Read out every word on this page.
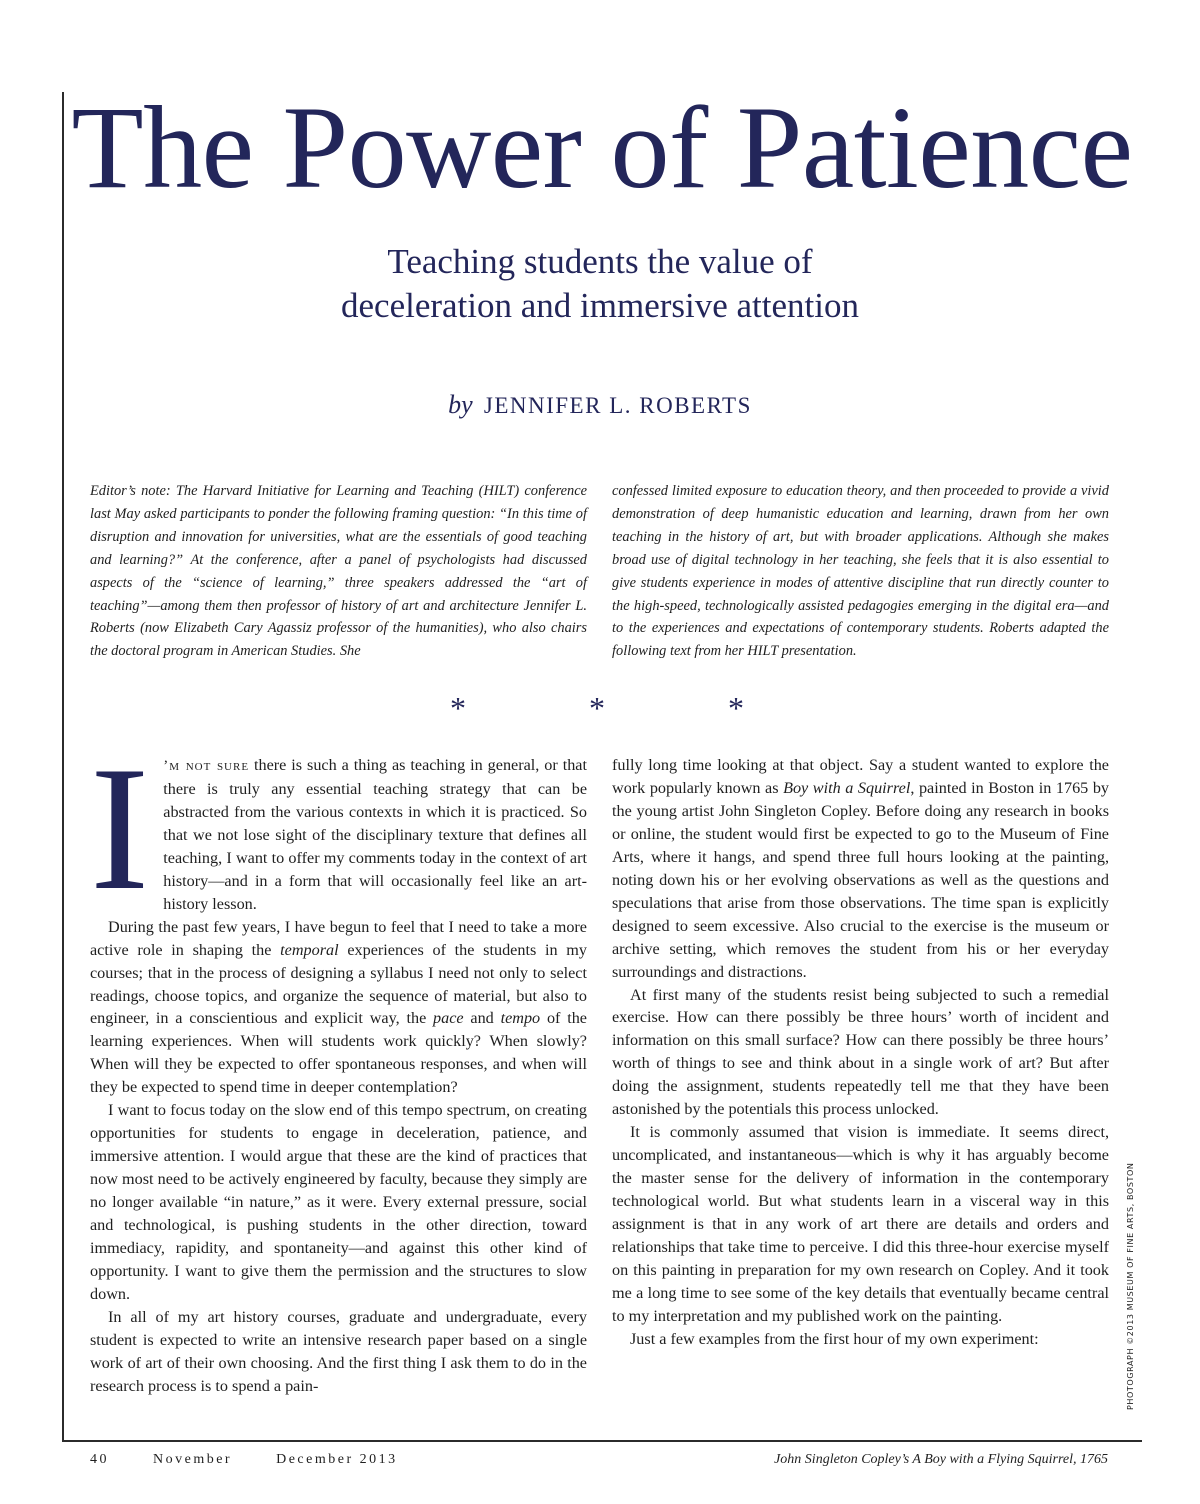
The Power of Patience
Teaching students the value of
deceleration and immersive attention
by JENNIFER L. ROBERTS

Editor’s note: The Harvard Initiative for Learning and Teaching (HILT) conference last May asked participants to ponder the following framing question: “In this time of disruption and innovation for universities, what are the essentials of good teaching and learning?” At the conference, after a panel of psychologists had discussed aspects of the “science of learning,” three speakers addressed the “art of teaching”—among them then professor of history of art and architecture Jennifer L. Roberts (now Elizabeth Cary Agassiz professor of the humanities), who also chairs the doctoral program in American Studies. She

confessed limited exposure to education theory, and then proceeded to provide a vivid demonstration of deep humanistic education and learning, drawn from her own teaching in the history of art, but with broader applications. Although she makes broad use of digital technology in her teaching, she feels that it is also essential to give students experience in modes of attentive discipline that run directly counter to the high-speed, technologically assisted pedagogies emerging in the digital era—and to the experiences and expectations of contemporary students. Roberts adapted the following text from her HILT presentation.

*	*	*

I ’m not sure there is such a thing as teaching in general, or that there is truly any essential teaching strategy that can be abstracted from the various contexts in which it is practiced. So that we not lose sight of the disciplinary texture that defines all teaching, I want to offer my comments today in the context of art history—and in a form that will occasionally feel like an art-history lesson.

During the past few years, I have begun to feel that I need to take a more active role in shaping the temporal experiences of the students in my courses; that in the process of designing a syllabus I need not only to select readings, choose topics, and organize the sequence of material, but also to engineer, in a conscientious and explicit way, the pace and tempo of the learning experiences. When will students work quickly? When slowly? When will they be expected to offer spontaneous responses, and when will they be expected to spend time in deeper contemplation?

I want to focus today on the slow end of this tempo spectrum, on creating opportunities for students to engage in deceleration, patience, and immersive attention. I would argue that these are the kind of practices that now most need to be actively engineered by faculty, because they simply are no longer available “in nature,” as it were. Every external pressure, social and technological, is pushing students in the other direction, toward immediacy, rapidity, and spontaneity—and against this other kind of opportunity. I want to give them the permission and the structures to slow down.

In all of my art history courses, graduate and undergraduate, every student is expected to write an intensive research paper based on a single work of art of their own choosing. And the first thing I ask them to do in the research process is to spend a pain-

fully long time looking at that object. Say a student wanted to explore the work popularly known as Boy with a Squirrel, painted in Boston in 1765 by the young artist John Singleton Copley. Before doing any research in books or online, the student would first be expected to go to the Museum of Fine Arts, where it hangs, and spend three full hours looking at the painting, noting down his or her evolving observations as well as the questions and speculations that arise from those observations. The time span is explicitly designed to seem excessive. Also crucial to the exercise is the museum or archive setting, which removes the student from his or her everyday surroundings and distractions.

At first many of the students resist being subjected to such a remedial exercise. How can there possibly be three hours’ worth of incident and information on this small surface? How can there possibly be three hours’ worth of things to see and think about in a single work of art? But after doing the assignment, students repeatedly tell me that they have been astonished by the potentials this process unlocked.

It is commonly assumed that vision is immediate. It seems direct, uncomplicated, and instantaneous—which is why it has arguably become the master sense for the delivery of information in the contemporary technological world. But what students learn in a visceral way in this assignment is that in any work of art there are details and orders and relationships that take time to perceive. I did this three-hour exercise myself on this painting in preparation for my own research on Copley. And it took me a long time to see some of the key details that eventually became central to my interpretation and my published work on the painting.

Just a few examples from the first hour of my own experiment:	PHOTOGRAPH ©2013 MUSEUM OF FINE ARTS, BOSTON
40	November	December 2013	John Singleton Copley’s A Boy with a Flying Squirrel, 1765
